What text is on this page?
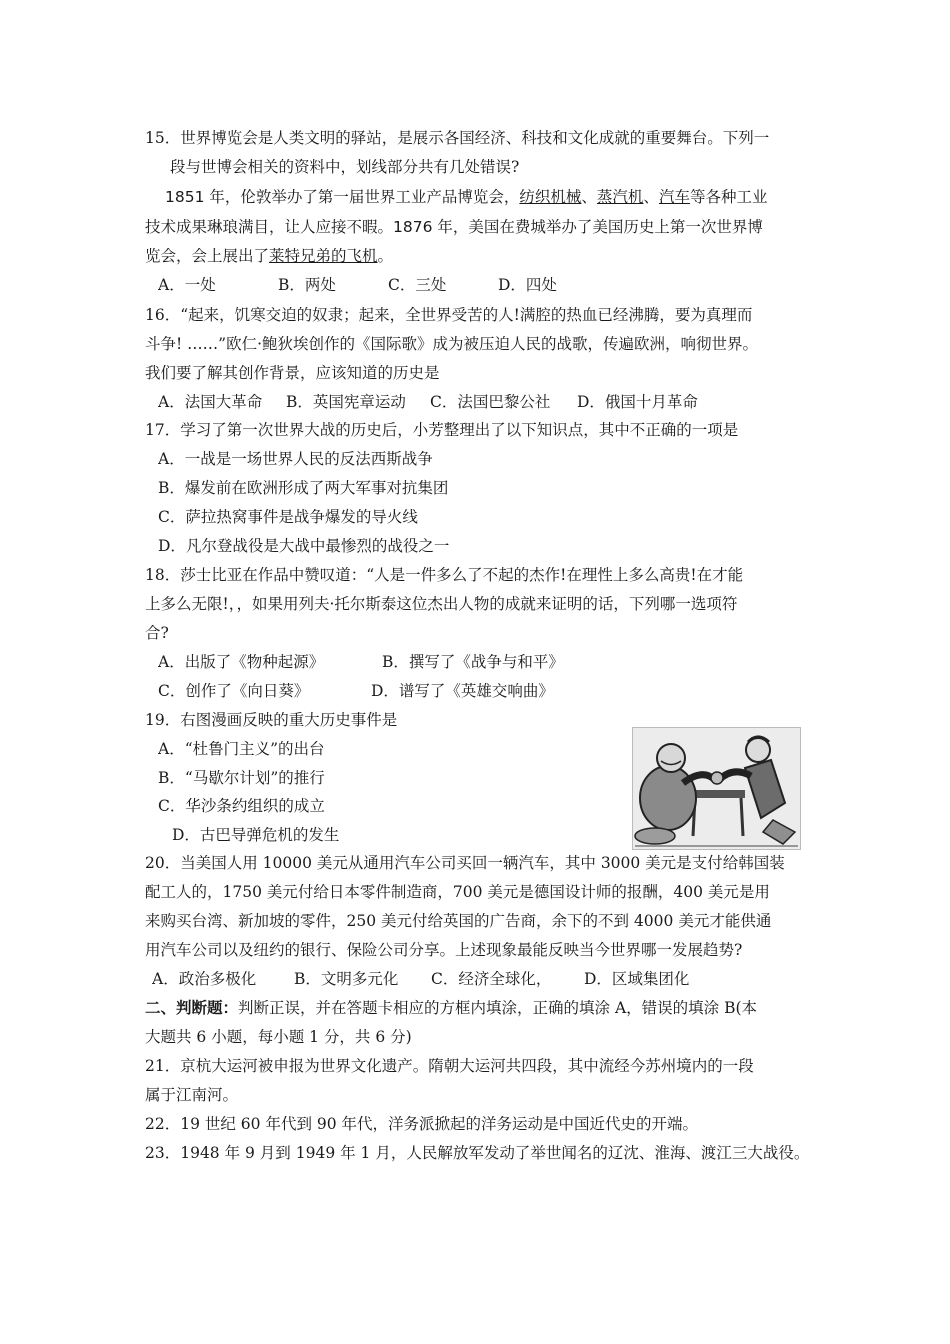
15．世界博览会是人类文明的驿站，是展示各国经济、科技和文化成就的重要舞台。下列一
段与世博会相关的资料中，划线部分共有几处错误?
1851 年，伦敦举办了第一届世界工业产品博览会，纺织机械、蒸汽机、汽车等各种工业
技术成果琳琅满目，让人应接不暇。1876 年，美国在费城举办了美国历史上第一次世界博
览会，会上展出了莱特兄弟的飞机。
A．一处	B．两处	C．三处	D．四处
16．“起来，饥寒交迫的奴隶；起来，全世界受苦的人!满腔的热血已经沸腾，要为真理而
斗争! ……”欧仁·鲍狄埃创作的《国际歌》成为被压迫人民的战歌，传遍欧洲，响彻世界。
我们要了解其创作背景，应该知道的历史是
A．法国大革命 B．英国宪章运动 C．法国巴黎公社 D．俄国十月革命
17．学习了第一次世界大战的历史后，小芳整理出了以下知识点，其中不正确的一项是
A．一战是一场世界人民的反法西斯战争
B．爆发前在欧洲形成了两大军事对抗集团
C．萨拉热窝事件是战争爆发的导火线
D．凡尔登战役是大战中最惨烈的战役之一
18．莎士比亚在作品中赞叹道：“人是一件多么了不起的杰作!在理性上多么高贵!在才能
上多么无限!，，如果用列夫·托尔斯泰这位杰出人物的成就来证明的话，下列哪一选项符
合?
A．出版了《物种起源》	B．撰写了《战争与和平》
C．创作了《向日葵》	D．谱写了《英雄交响曲》
19．右图漫画反映的重大历史事件是
A．“杜鲁门主义”的出台
B．“马歇尔计划”的推行
C．华沙条约组织的成立
D．古巴导弹危机的发生
20．当美国人用 10000 美元从通用汽车公司买回一辆汽车，其中 3000 美元是支付给韩国装
配工人的，1750 美元付给日本零件制造商，700 美元是德国设计师的报酬，400 美元是用
来购买台湾、新加坡的零件，250 美元付给英国的广告商，余下的不到 4000 美元才能供通
用汽车公司以及纽约的银行、保险公司分享。上述现象最能反映当今世界哪一发展趋势?
A．政治多极化 B．文明多元化 C．经济全球化， D．区域集团化
二、判断题：判断正误，并在答题卡相应的方框内填涂，正确的填涂 A，错误的填涂 B(本
大题共 6 小题，每小题 1 分，共 6 分)
21．京杭大运河被申报为世界文化遗产。隋朝大运河共四段，其中流经今苏州境内的一段
属于江南河。
22．19 世纪 60 年代到 90 年代，洋务派掀起的洋务运动是中国近代史的开端。
23．1948 年 9 月到 1949 年 1 月，人民解放军发动了举世闻名的辽沈、淮海、渡江三大战役。
